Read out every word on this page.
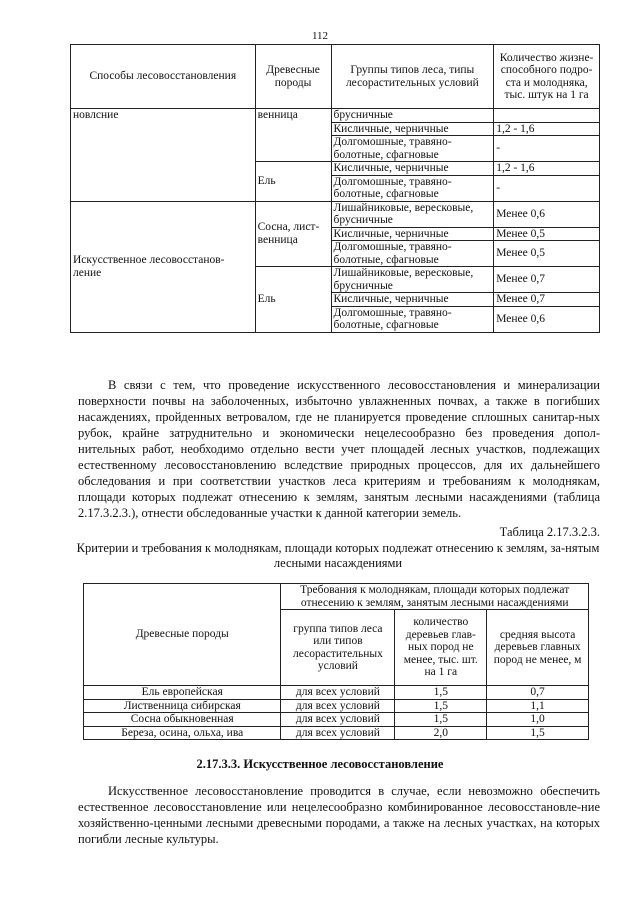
112
Способы лесовосстановления	Древесные породы	Группы типов леса, типы лесорастительных условий	Количество жизне-способного подро-ста и молодняка, тыс. штук на 1 га
новлсние	венница	брусничные	
		Кисличные, черничные	1,2 - 1,6
		Долгомошные, травяно-болотные, сфагновые	-
	Ель	Кисличные, черничные	1,2 - 1,6
		Долгомошные, травяно-болотные, сфагновые	-
Искусственное лесовосстанов-ление	Сосна, лист-венница	Лишайниковые, вересковые, брусничные	Менее 0,6
		Кисличные, черничные	Менее 0,5
		Долгомошные, травяно-болотные, сфагновые	Менее 0,5
	Ель	Лишайниковые, вересковые, брусничные	Менее 0,7
		Кисличные, черничные	Менее 0,7
		Долгомошные, травяно-болотные, сфагновые	Менее 0,6
В связи с тем, что проведение искусственного лесовосстановления и минерализации поверхности почвы на заболоченных, избыточно увлажненных почвах, а также в погибших насаждениях, пройденных ветровалом, где не планируется проведение сплошных санитар-ных рубок, крайне затруднительно и экономически нецелесообразно без проведения допол-нительных работ, необходимо отдельно вести учет площадей лесных участков, подлежащих естественному лесовосстановлению вследствие природных процессов, для их дальнейшего обследования и при соответствии участков леса критериям и требованиям к молоднякам, площади которых подлежат отнесению к землям, занятым лесными насаждениями (таблица 2.17.3.2.3.), отнести обследованные участки к данной категории земель.
Таблица 2.17.3.2.3.
Критерии и требования к молоднякам, площади которых подлежат отнесению к землям, за-нятым лесными насаждениями
Древесные породы	Требования к молоднякам, площади которых подлежат отнесению к землям, занятым лесными насаждениями		
	группа типов леса или типов лесорастительных условий	количество деревьев глав-ных пород не менее, тыс. шт. на 1 га	средняя высота деревьев главных пород не менее, м
Ель европейская	для всех условий	1,5	0,7
Лиственница сибирская	для всех условий	1,5	1,1
Сосна обыкновенная	для всех условий	1,5	1,0
Береза, осина, ольха, ива	для всех условий	2,0	1,5
2.17.3.3. Искусственное лесовосстановление
Искусственное лесовосстановление проводится в случае, если невозможно обеспечить естественное лесовосстановление или нецелесообразно комбинированное лесовосстановле-ние хозяйственно-ценными лесными древесными породами, а также на лесных участках, на которых погибли лесные культуры.
